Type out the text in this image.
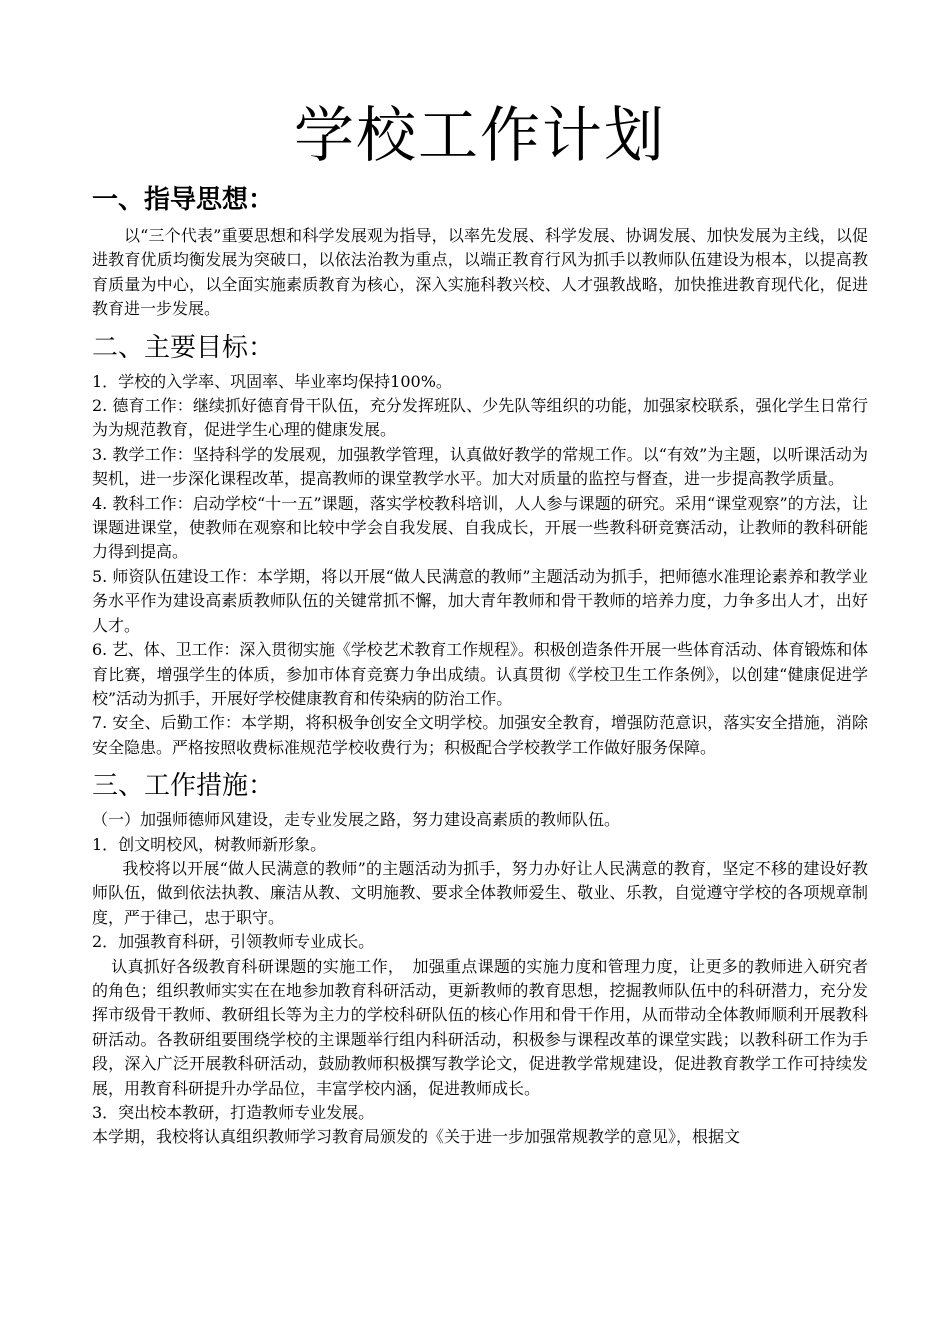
学校工作计划
一、指导思想：

以“三个代表”重要思想和科学发展观为指导，以率先发展、科学发展、协调发展、加快发展为主线，以促进教育优质均衡发展为突破口，以依法治教为重点，以端正教育行风为抓手以教师队伍建设为根本，以提高教育质量为中心，以全面实施素质教育为核心，深入实施科教兴校、人才强教战略，加快推进教育现代化，促进教育进一步发展。

二、主要目标：

1．学校的入学率、巩固率、毕业率均保持100%。

2. 德育工作：继续抓好德育骨干队伍，充分发挥班队、少先队等组织的功能，加强家校联系，强化学生日常行为为规范教育，促进学生心理的健康发展。

3. 教学工作：坚持科学的发展观，加强教学管理，认真做好教学的常规工作。以“有效”为主题，以听课活动为契机，进一步深化课程改革，提高教师的课堂教学水平。加大对质量的监控与督查，进一步提高教学质量。

4. 教科工作：启动学校“十一五”课题，落实学校教科培训，人人参与课题的研究。采用“课堂观察”的方法，让课题进课堂，使教师在观察和比较中学会自我发展、自我成长，开展一些教科研竞赛活动，让教师的教科研能力得到提高。

5. 师资队伍建设工作：本学期，将以开展“做人民满意的教师”主题活动为抓手，把师德水准理论素养和教学业务水平作为建设高素质教师队伍的关键常抓不懈，加大青年教师和骨干教师的培养力度，力争多出人才，出好人才。

6. 艺、体、卫工作：深入贯彻实施《学校艺术教育工作规程》。积极创造条件开展一些体育活动、体育锻炼和体育比赛，增强学生的体质，参加市体育竞赛力争出成绩。认真贯彻《学校卫生工作条例》，以创建“健康促进学校”活动为抓手，开展好学校健康教育和传染病的防治工作。

7. 安全、后勤工作：本学期，将积极争创安全文明学校。加强安全教育，增强防范意识，落实安全措施，消除安全隐患。严格按照收费标准规范学校收费行为；积极配合学校教学工作做好服务保障。

三、工作措施：

（一）加强师德师风建设，走专业发展之路，努力建设高素质的教师队伍。

1．创文明校风，树教师新形象。

我校将以开展“做人民满意的教师”的主题活动为抓手，努力办好让人民满意的教育，坚定不移的建设好教师队伍，做到依法执教、廉洁从教、文明施教、要求全体教师爱生、敬业、乐教，自觉遵守学校的各项规章制度，严于律己，忠于职守。

2．加强教育科研，引领教师专业成长。

认真抓好各级教育科研课题的实施工作，　加强重点课题的实施力度和管理力度，让更多的教师进入研究者的角色；组织教师实实在在地参加教育科研活动，更新教师的教育思想，挖掘教师队伍中的科研潜力，充分发挥市级骨干教师、教研组长等为主力的学校科研队伍的核心作用和骨干作用，从而带动全体教师顺利开展教科研活动。各教研组要围绕学校的主课题举行组内科研活动，积极参与课程改革的课堂实践；以教科研工作为手段，深入广泛开展教科研活动，鼓励教师积极撰写教学论文，促进教学常规建设，促进教育教学工作可持续发展，用教育科研提升办学品位，丰富学校内涵，促进教师成长。

3．突出校本教研，打造教师专业发展。

本学期，我校将认真组织教师学习教育局颁发的《关于进一步加强常规教学的意见》，根据文
